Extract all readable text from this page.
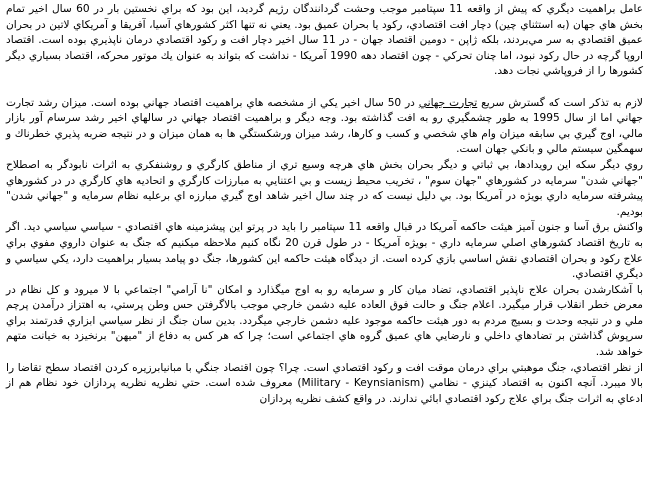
عامل براهميت ديگري كه پيش از واقعه 11 سپتامبر موجب وحشت گردانندگان رژيم گرديد، اين بود كه براي نخستين بار در 60 سال اخير تمام بخش هاي جهان (به استثناي چين) دچار افت اقتصادي، ركود يا بحران عميق بود. يعني نه تنها اكثر كشورهاي آسيا، آفريقا و آمريكاي لاتين در بحران عميق اقتصادي به سر مي‌بردند، بلكه ژاپن - دومين اقتصاد جهان - در 11 سال اخير دچار افت و ركود اقتصادي درمان ناپذيري بوده است. اقتصاد اروپا گرچه در حال ركود نبود، اما چنان تحركي - چون اقتصاد دهه 1990 آمريكا - نداشت كه بتواند به عنوان يك موتور محركه، اقتصاد بسياري ديگر كشورها را از فروپاشي نجات دهد.

لازم به تذكر است كه گسترش سريع تجارت جهاني در 50 سال اخير يكي از مشخصه هاي براهميت اقتصاد جهاني بوده است. ميزان رشد تجارت جهاني اما از سال 1995 به طور چشمگيري رو به افت گذاشته بود. وجه ديگر و براهميت اقتصاد جهاني در سالهاي اخير رشد سرسام آور بازار مالي، اوج گيري بي سابقه ميزان وام هاي شخصي و كسب و كارها، رشد ميزان ورشكستگي ها به همان ميزان و در نتيجه ضربه پذيري خطرناك و سهمگين سيستم مالي و بانكي جهان است.

روي ديگر سكه اين رويدادها، بي ثباتي و ديگر بحران بخش هاي هرچه وسيع تري از مناطق كارگري و روشنفكري به اثرات نابودگر به اصطلاح "جهاني شدن" سرمايه در كشورهاي "جهان سوم" ، تخريب محيط زيست و بي اعتنايي به مبارزات كارگري و اتحاديه هاي كارگري در در كشورهاي پيشرفته سرمايه داري بويژه در آمريكا بود. بي دليل نيست كه در چند سال اخير شاهد اوج گيري مبارزه اي برعليه نظام سرمايه و "جهاني شدن" بوديم.

واكنش برق آسا و جنون آميز هيئت حاكمه آمريكا در قبال واقعه 11 سپتامبر را بايد در پرتو اين پيشزمينه هاي اقتصادي - سياسي سياسي ديد. اگر به تاريخ اقتصاد كشورهاي اصلي سرمايه داري - بويژه آمريكا - در طول قرن 20 نگاه كنيم ملاحظه ميكنيم كه جنگ به عنوان داروي مفوي براي علاج ركود و بحران اقتصادي نقش اساسي بازي كرده است. از ديدگاه هيئت حاكمه اين كشورها، جنگ دو پيامد بسيار براهميت دارد، يكي سياسي و ديگري اقتصادي.

با آشكارشدن بحران علاج ناپذير اقتصادي، تضاد ميان كار و سرمايه رو به اوج ميگذارد و امكان "نا آرامي" اجتماعي با لا ميرود و كل نظام در معرض خطر انقلاب قرار ميگيرد. اعلام جنگ و حالت فوق العاده عليه دشمن خارجي موجب بالاگرفتن حس وطن پرستي، به اهتزاز درآمدن پرچم ملي و در نتيجه وحدت و بسيج مردم به دور هيئت حاكمه موجود عليه دشمن خارجي ميگردد. بدين سان جنگ از نظر سياسي ابزاري قدرتمند براي سرپوش گذاشتن بر تضادهاي داخلي و نارضايي هاي عميق گروه هاي اجتماعي است؛ چرا كه هر كس به دفاع از "ميهن" برنخيزد به خيانت متهم خواهد شد.

از نظر اقتصادي، جنگ موهبتي براي درمان موقت افت و ركود اقتصادي است. چرا؟ چون اقتصاد جنگي با مبانيابرزيره كردن اقتصاد سطح تقاضا را بالا ميبرد. آنچه اكنون به اقتصاد كينزي - نظامي (Military - Keynsianism) معروف شده است. حتي نظريه نظريه پردازان خود نظام هم از ادعاي به اثرات جنگ براي علاج ركود اقتصادي ابائي ندارند. در واقع كشف نظريه پردازان
